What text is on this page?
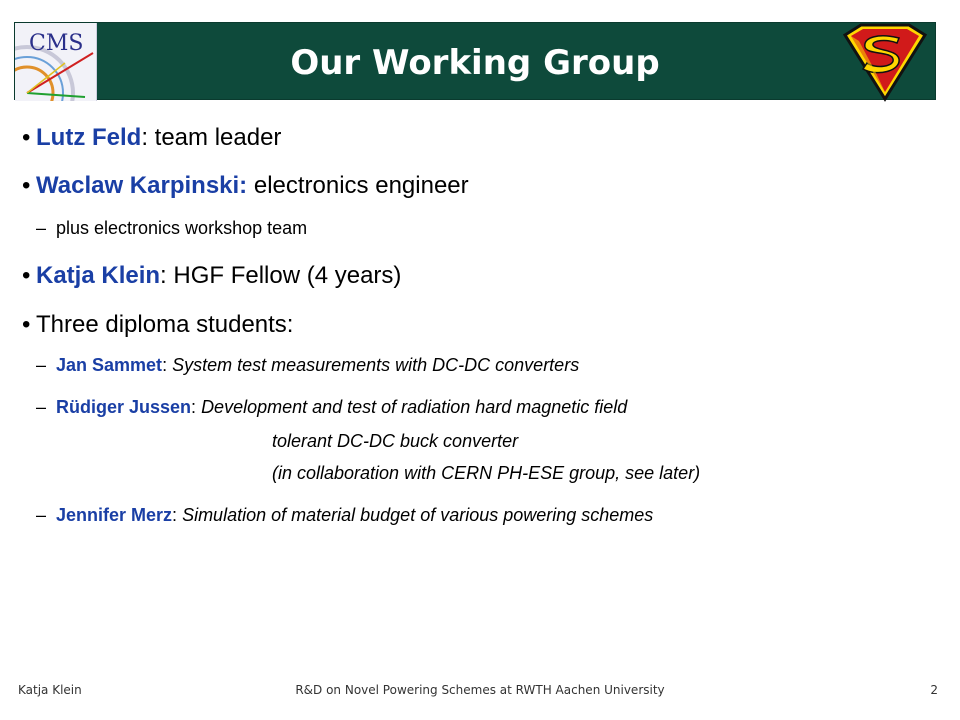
CMS	Our Working Group
• Lutz Feld: team leader
• Waclaw Karpinski: electronics engineer
– plus electronics workshop team
• Katja Klein: HGF Fellow (4 years)
• Three diploma students:
– Jan Sammet: System test measurements with DC-DC converters
– Rüdiger Jussen: Development and test of radiation hard magnetic field
tolerant DC-DC buck converter
(in collaboration with CERN PH-ESE group, see later)
– Jennifer Merz: Simulation of material budget of various powering schemes
Katja Klein	R&D on Novel Powering Schemes at RWTH Aachen University	2
